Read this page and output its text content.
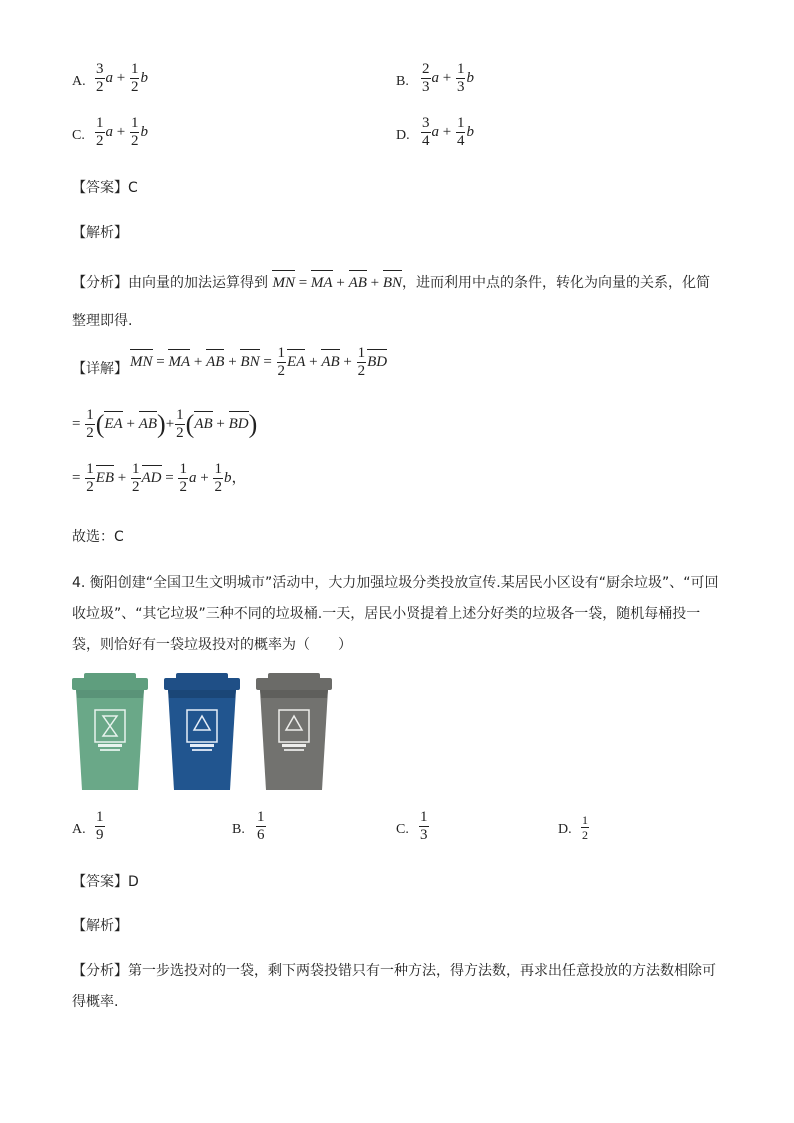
A. $\frac{3}{2}$ $a + \frac{1}{2}$ b	B. $\frac{2}{3}$ $a + \frac{1}{3}$ b
C. $\frac{1}{2}$ $a + \frac{1}{2}$ b	D. $\frac{3}{4}$ $a + \frac{1}{4}$ b
【答案】C
【解析】
【分析】由向量的加法运算得到 MN = MA + AB + BN，进而利用中点的条件，转化为向量的关系，化简
整理即得.
【详解】 MN = MA + AB + BN = $\frac{1}{2}$ EA + AB + $\frac{1}{2}$ BD
= $\frac{1}{2} (EA + AB)+ \frac{1}{2} (AB + BD)$
= $\frac{1}{2}$ EB + $\frac{1}{2}$ AD = $\frac{1}{2}$ $a + \frac{1}{2}$ b，
故选：C
4. 衡阳创建“全国卫生文明城市”活动中，大力加强垃圾分类投放宣传.某居民小区设有“厨余垃圾”、“可回
收垃圾”、“其它垃圾”三种不同的垃圾桶.一天，居民小贤提着上述分好类的垃圾各一袋，随机每桶投一
袋，则恰好有一袋垃圾投对的概率为（　　）
A. $\frac{1}{9}$	B. $\frac{1}{6}$	C. $\frac{1}{3}$	D. $\frac{1}{2}$
【答案】D
【解析】
【分析】第一步选投对的一袋，剩下两袋投错只有一种方法，得方法数，再求出任意投放的方法数相除可
得概率.
